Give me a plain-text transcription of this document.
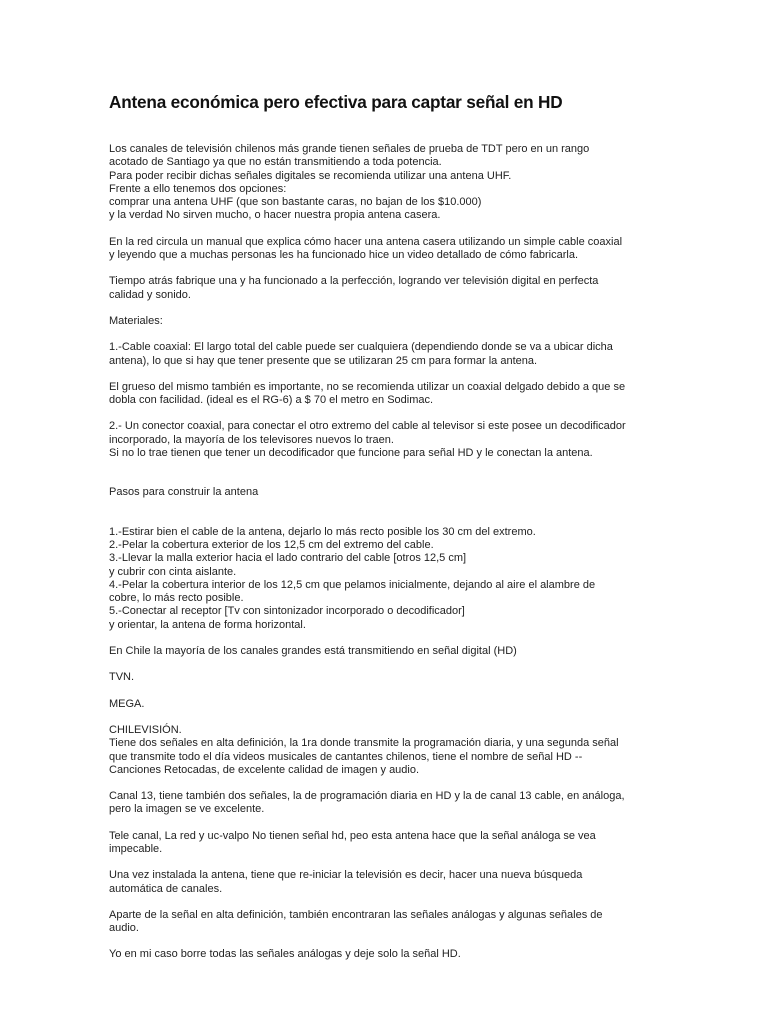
Antena económica pero efectiva para captar señal en HD

Los canales de televisión chilenos más grande tienen señales de prueba de TDT pero en un rango

acotado de Santiago ya que no están transmitiendo a toda potencia.

Para poder recibir dichas señales digitales se recomienda utilizar una antena UHF.

Frente a ello tenemos dos opciones:

comprar una antena UHF (que son bastante caras, no bajan de los $10.000)

y la verdad No sirven mucho, o hacer nuestra propia antena casera.

En la red circula un manual que explica cómo hacer una antena casera utilizando un simple cable coaxial

y leyendo que a muchas personas les ha funcionado hice un video detallado de cómo fabricarla.

Tiempo atrás fabrique una y ha funcionado a la perfección, logrando ver televisión digital en perfecta

calidad y sonido.

Materiales:

1.-Cable coaxial: El largo total del cable puede ser cualquiera (dependiendo donde se va a ubicar dicha

antena), lo que si hay que tener presente que se utilizaran 25 cm para formar la antena.

El grueso del mismo también es importante, no se recomienda utilizar un coaxial delgado debido a que se

dobla con facilidad. (ideal es el RG-6) a $ 70 el metro en Sodimac.

2.- Un conector coaxial, para conectar el otro extremo del cable al televisor si este posee un decodificador

incorporado, la mayoría de los televisores nuevos lo traen.

Si no lo trae tienen que tener un decodificador que funcione para señal HD y le conectan la antena.

Pasos para construir la antena

1.-Estirar bien el cable de la antena, dejarlo lo más recto posible los 30 cm del extremo.

2.-Pelar la cobertura exterior de los 12,5 cm del extremo del cable.

3.-Llevar la malla exterior hacia el lado contrario del cable [otros 12,5 cm]

y cubrir con cinta aislante.

4.-Pelar la cobertura interior de los 12,5 cm que pelamos inicialmente, dejando al aire el alambre de

cobre, lo más recto posible.

5.-Conectar al receptor [Tv con sintonizador incorporado o decodificador]

y orientar, la antena de forma horizontal.

En Chile la mayoría de los canales grandes está transmitiendo en señal digital (HD)

TVN.

MEGA.

CHILEVISIÓN.

Tiene dos señales en alta definición, la 1ra donde transmite la programación diaria, y una segunda señal

que transmite todo el día videos musicales de cantantes chilenos, tiene el nombre de señal HD --

Canciones Retocadas, de excelente calidad de imagen y audio.

Canal 13, tiene también dos señales, la de programación diaria en HD y la de canal 13 cable, en análoga,

pero la imagen se ve excelente.

Tele canal, La red y uc-valpo No tienen señal hd, peo esta antena hace que la señal análoga se vea

impecable.

Una vez instalada la antena, tiene que re-iniciar la televisión es decir, hacer una nueva búsqueda

automática de canales.

Aparte de la señal en alta definición, también encontraran las señales análogas y algunas señales de

audio.

Yo en mi caso borre todas las señales análogas y deje solo la señal HD.
